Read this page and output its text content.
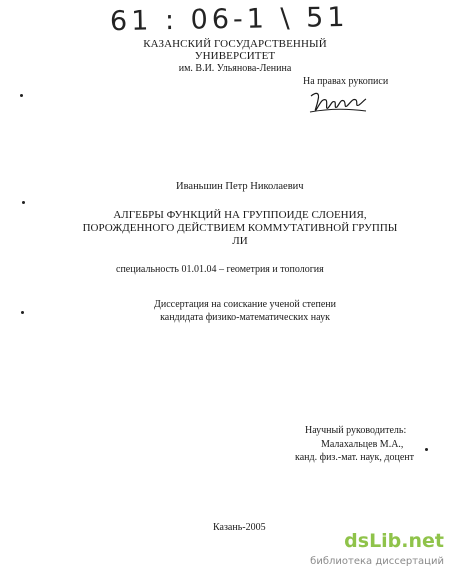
61 : 06-1 \ 51
КАЗАНСКИЙ ГОСУДАРСТВЕННЫЙ УНИВЕРСИТЕТ
им. В.И. Ульянова-Ленина
На правах рукописи
Иваньшин Петр Николаевич
АЛГЕБРЫ ФУНКЦИЙ НА ГРУППОИДЕ СЛОЕНИЯ,
ПОРОЖДЕННОГО ДЕЙСТВИЕМ КОММУТАТИВНОЙ ГРУППЫ
ЛИ
специальность 01.01.04 – геометрия и топология
Диссертация на соискание ученой степени
кандидата физико-математических наук
Научный руководитель:
Малахальцев М.А.,
канд. физ.-мат. наук, доцент
Казань-2005
dsLib.net
библиотека диссертаций
